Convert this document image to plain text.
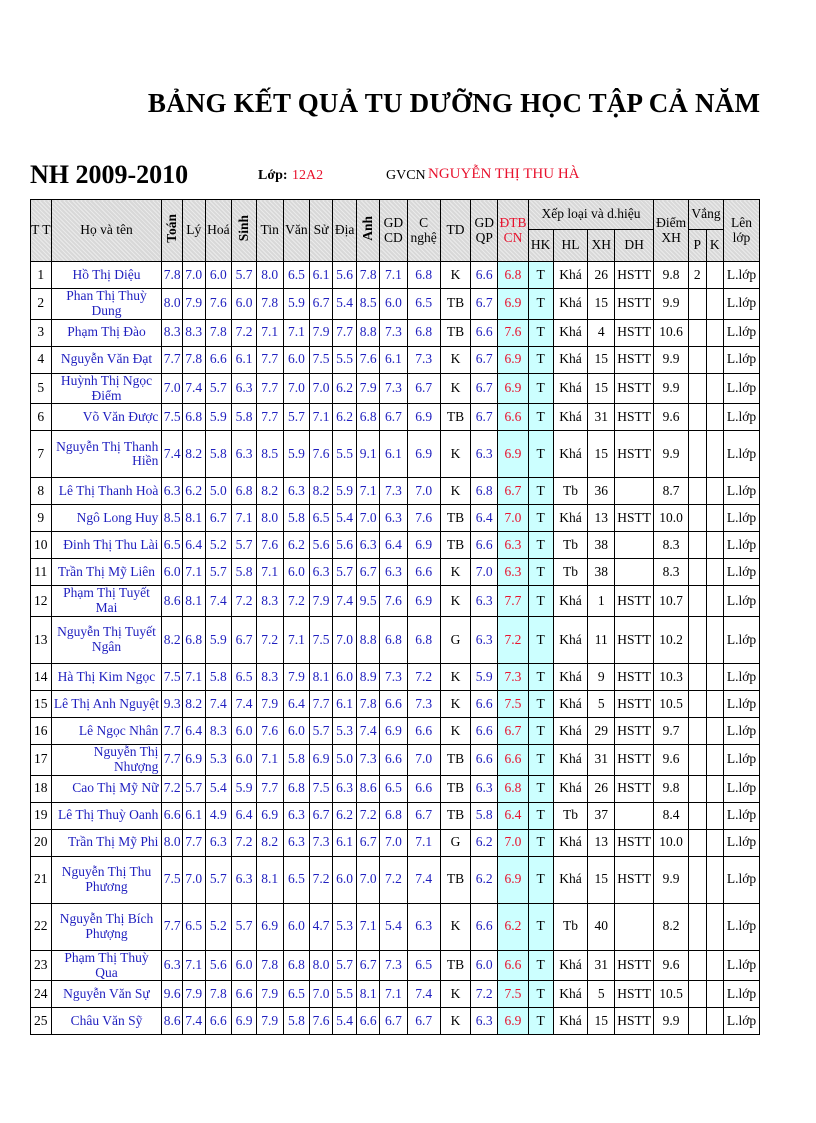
BẢNG KẾT QUẢ TU DƯỠNG HỌC TẬP CẢ NĂM
NH 2009-2010	Lớp: 12A2	GVCN NGUYỄN THỊ THU HÀ
T T	Họ và tên	Toán	Lý	Hoá	Sinh	Tin	Văn	Sử	Địa	Anh	GD CD	C nghệ	TD	GD QP	ĐTB CN	Xếp loại và d.hiệu				Điểm XH	Vắng		Lên lớp
																HK	HL	XH	DH		P	K	
1	Hồ Thị Diệu	7.8	7.0	6.0	5.7	8.0	6.5	6.1	5.6	7.8	7.1	6.8	K	6.6	6.8	T	Khá	26	HSTT	9.8	2		L.lớp
2	Phan Thị Thuỳ Dung	8.0	7.9	7.6	6.0	7.8	5.9	6.7	5.4	8.5	6.0	6.5	TB	6.7	6.9	T	Khá	15	HSTT	9.9			L.lớp
3	Phạm Thị Đào	8.3	8.3	7.8	7.2	7.1	7.1	7.9	7.7	8.8	7.3	6.8	TB	6.6	7.6	T	Khá	4	HSTT	10.6			L.lớp
4	Nguyễn Văn Đạt	7.7	7.8	6.6	6.1	7.7	6.0	7.5	5.5	7.6	6.1	7.3	K	6.7	6.9	T	Khá	15	HSTT	9.9			L.lớp
5	Huỳnh Thị Ngọc Điểm	7.0	7.4	5.7	6.3	7.7	7.0	7.0	6.2	7.9	7.3	6.7	K	6.7	6.9	T	Khá	15	HSTT	9.9			L.lớp
6	Võ Văn Được	7.5	6.8	5.9	5.8	7.7	5.7	7.1	6.2	6.8	6.7	6.9	TB	6.7	6.6	T	Khá	31	HSTT	9.6			L.lớp
7	Nguyễn Thị Thanh Hiền	7.4	8.2	5.8	6.3	8.5	5.9	7.6	5.5	9.1	6.1	6.9	K	6.3	6.9	T	Khá	15	HSTT	9.9			L.lớp
8	Lê Thị Thanh Hoà	6.3	6.2	5.0	6.8	8.2	6.3	8.2	5.9	7.1	7.3	7.0	K	6.8	6.7	T	Tb	36		8.7			L.lớp
9	Ngô Long Huy	8.5	8.1	6.7	7.1	8.0	5.8	6.5	5.4	7.0	6.3	7.6	TB	6.4	7.0	T	Khá	13	HSTT	10.0			L.lớp
10	Đinh Thị Thu Lài	6.5	6.4	5.2	5.7	7.6	6.2	5.6	5.6	6.3	6.4	6.9	TB	6.6	6.3	T	Tb	38		8.3			L.lớp
11	Trần Thị Mỹ Liên	6.0	7.1	5.7	5.8	7.1	6.0	6.3	5.7	6.7	6.3	6.6	K	7.0	6.3	T	Tb	38		8.3			L.lớp
12	Phạm Thị Tuyết Mai	8.6	8.1	7.4	7.2	8.3	7.2	7.9	7.4	9.5	7.6	6.9	K	6.3	7.7	T	Khá	1	HSTT	10.7			L.lớp
13	Nguyễn Thị Tuyết Ngân	8.2	6.8	5.9	6.7	7.2	7.1	7.5	7.0	8.8	6.8	6.8	G	6.3	7.2	T	Khá	11	HSTT	10.2			L.lớp
14	Hà Thị Kim Ngọc	7.5	7.1	5.8	6.5	8.3	7.9	8.1	6.0	8.9	7.3	7.2	K	5.9	7.3	T	Khá	9	HSTT	10.3			L.lớp
15	Lê Thị Anh Nguyệt	9.3	8.2	7.4	7.4	7.9	6.4	7.7	6.1	7.8	6.6	7.3	K	6.6	7.5	T	Khá	5	HSTT	10.5			L.lớp
16	Lê Ngọc Nhân	7.7	6.4	8.3	6.0	7.6	6.0	5.7	5.3	7.4	6.9	6.6	K	6.6	6.7	T	Khá	29	HSTT	9.7			L.lớp
17	Nguyễn Thị Nhượng	7.7	6.9	5.3	6.0	7.1	5.8	6.9	5.0	7.3	6.6	7.0	TB	6.6	6.6	T	Khá	31	HSTT	9.6			L.lớp
18	Cao Thị Mỹ Nữ	7.2	5.7	5.4	5.9	7.7	6.8	7.5	6.3	8.6	6.5	6.6	TB	6.3	6.8	T	Khá	26	HSTT	9.8			L.lớp
19	Lê Thị Thuỳ Oanh	6.6	6.1	4.9	6.4	6.9	6.3	6.7	6.2	7.2	6.8	6.7	TB	5.8	6.4	T	Tb	37		8.4			L.lớp
20	Trần Thị Mỹ Phi	8.0	7.7	6.3	7.2	8.2	6.3	7.3	6.1	6.7	7.0	7.1	G	6.2	7.0	T	Khá	13	HSTT	10.0			L.lớp
21	Nguyễn Thị Thu Phương	7.5	7.0	5.7	6.3	8.1	6.5	7.2	6.0	7.0	7.2	7.4	TB	6.2	6.9	T	Khá	15	HSTT	9.9			L.lớp
22	Nguyễn Thị Bích Phượng	7.7	6.5	5.2	5.7	6.9	6.0	4.7	5.3	7.1	5.4	6.3	K	6.6	6.2	T	Tb	40		8.2			L.lớp
23	Phạm Thị Thuỳ Qua	6.3	7.1	5.6	6.0	7.8	6.8	8.0	5.7	6.7	7.3	6.5	TB	6.0	6.6	T	Khá	31	HSTT	9.6			L.lớp
24	Nguyễn Văn Sự	9.6	7.9	7.8	6.6	7.9	6.5	7.0	5.5	8.1	7.1	7.4	K	7.2	7.5	T	Khá	5	HSTT	10.5			L.lớp
25	Châu Văn Sỹ	8.6	7.4	6.6	6.9	7.9	5.8	7.6	5.4	6.6	6.7	6.7	K	6.3	6.9	T	Khá	15	HSTT	9.9			L.lớp
